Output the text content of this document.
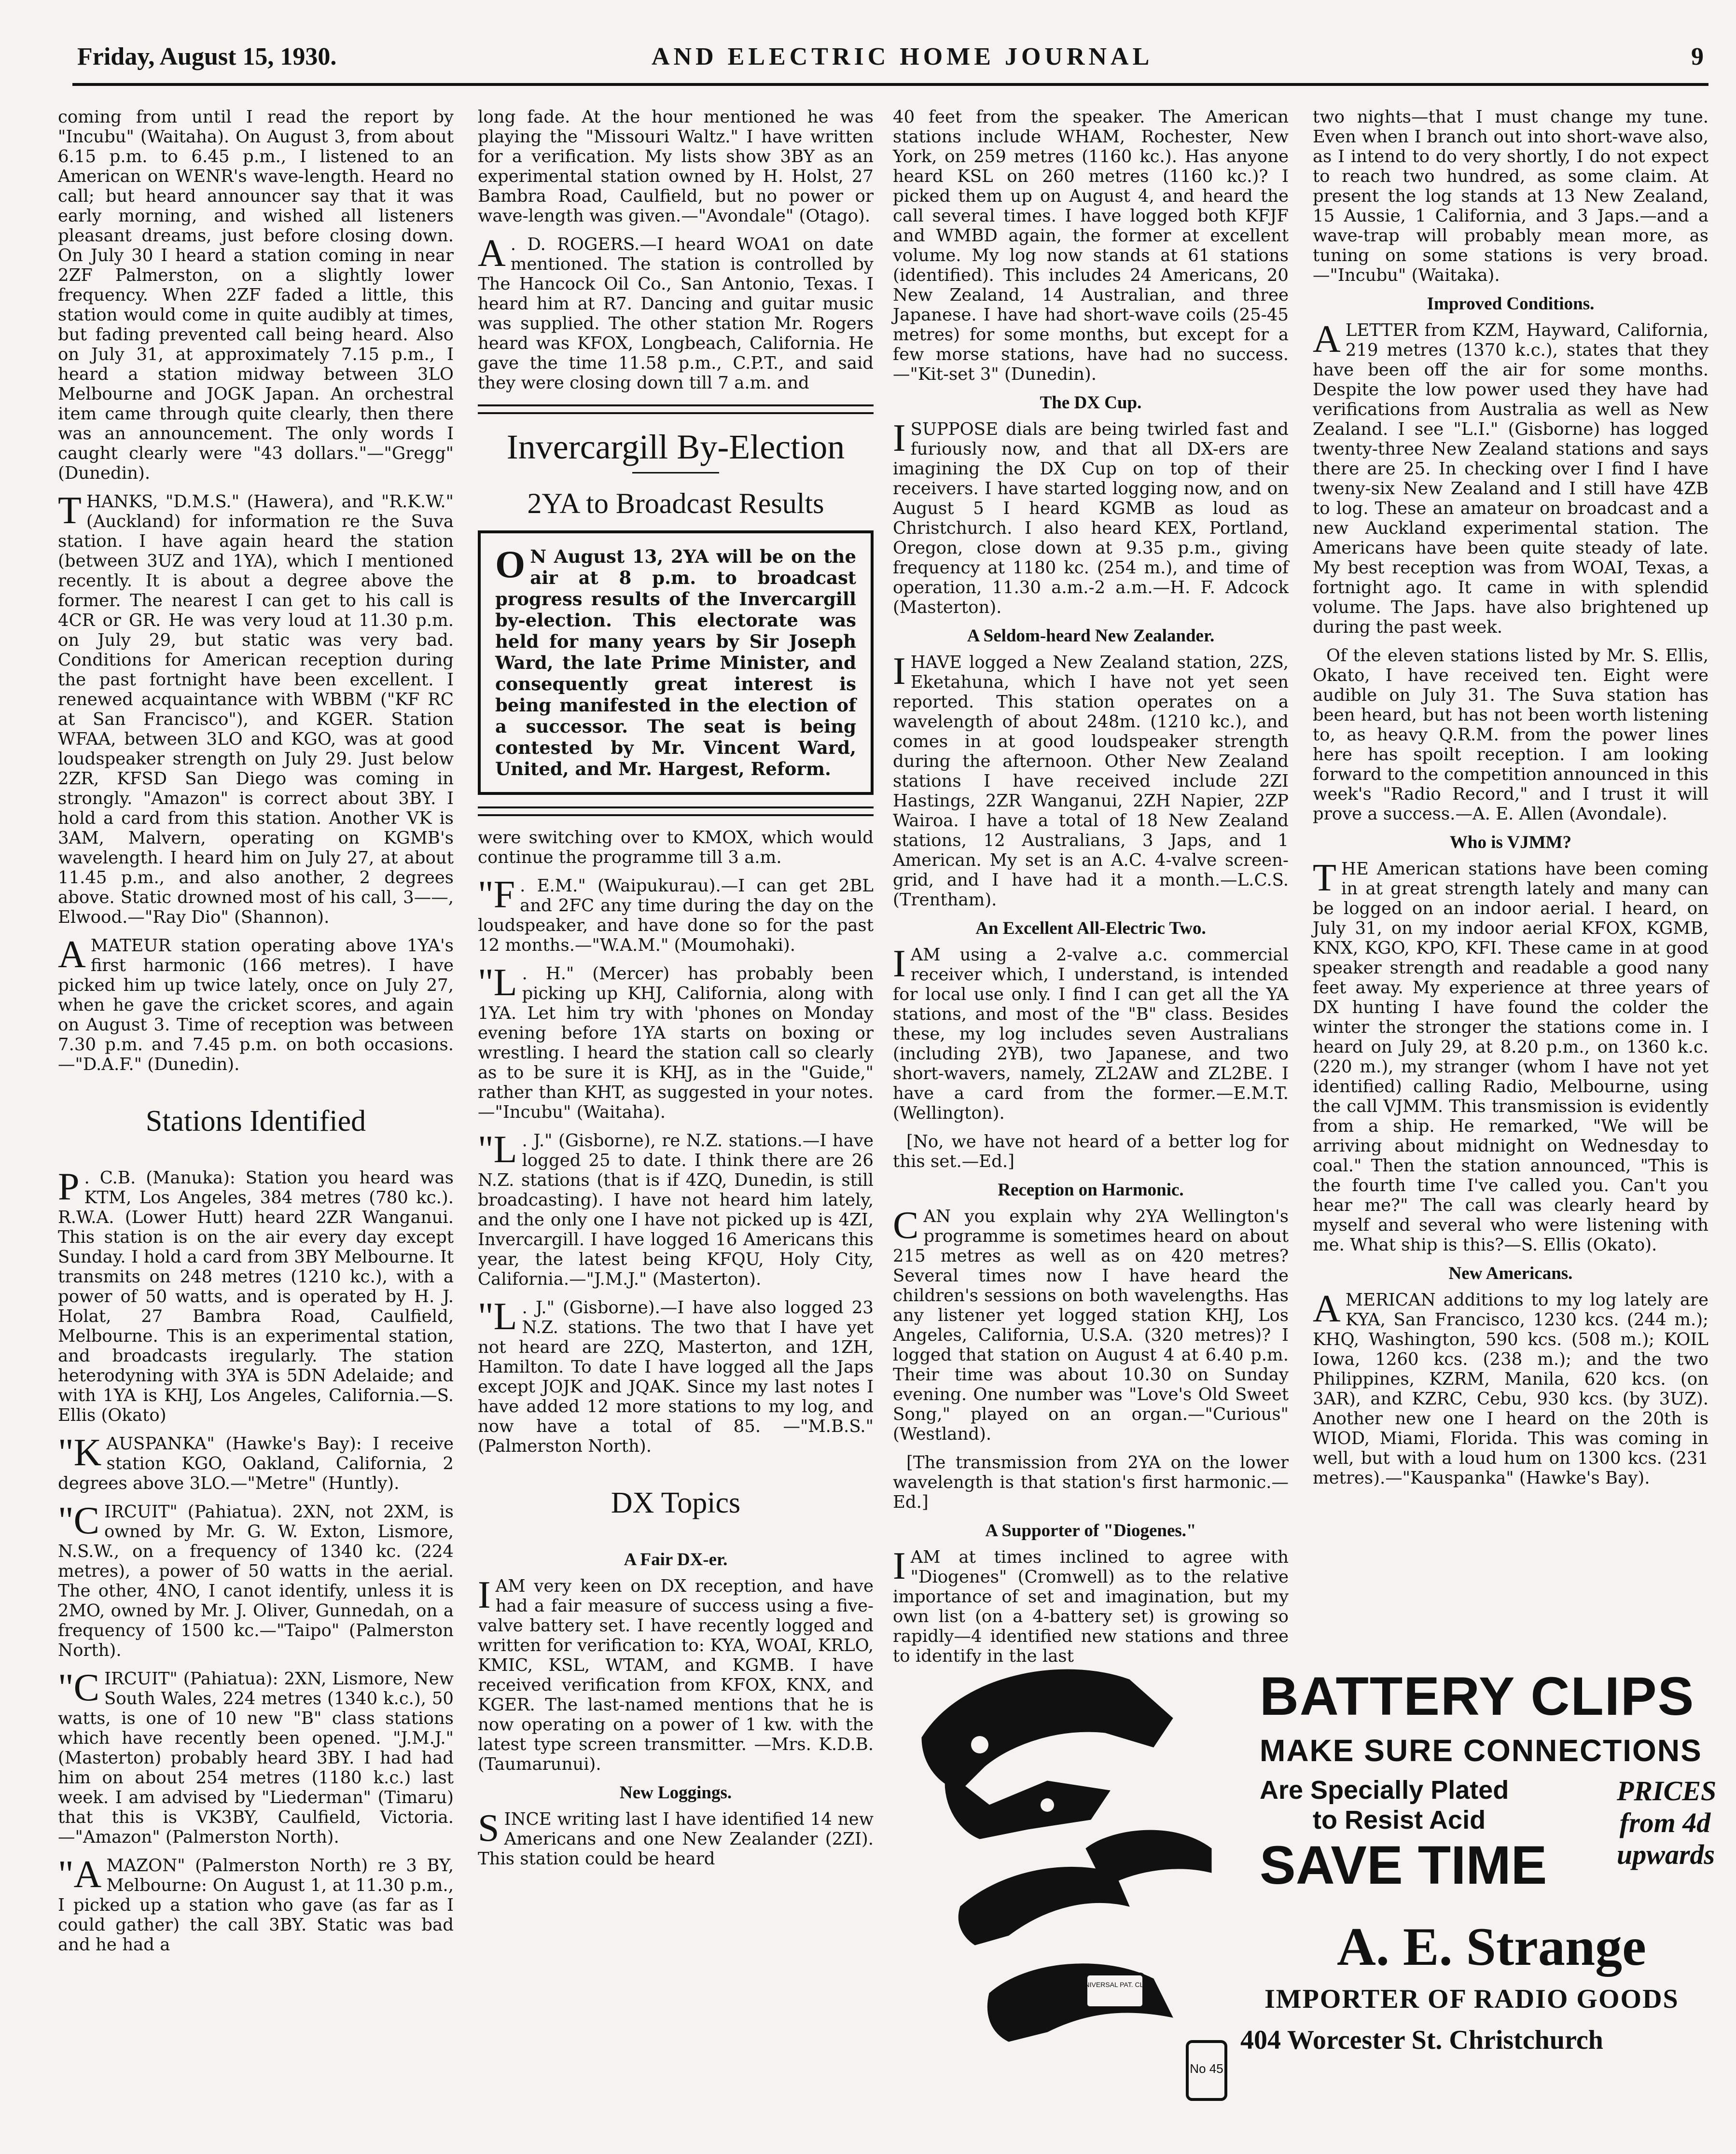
Friday, August 15, 1930.	AND ELECTRIC HOME JOURNAL	9

coming from until I read the report by "Incubu" (Waitaha). On August 3, from about 6.15 p.m. to 6.45 p.m., I listened to an American on WENR's wave-length. Heard no call; but heard announcer say that it was early morning, and wished all listeners pleasant dreams, just before closing down. On July 30 I heard a station coming in near 2ZF Palmerston, on a slightly lower frequency. When 2ZF faded a little, this station would come in quite audibly at times, but fading prevented call being heard. Also on July 31, at approximately 7.15 p.m., I heard a station midway between 3LO Melbourne and JOGK Japan. An orchestral item came through quite clearly, then there was an announcement. The only words I caught clearly were "43 dollars."—"Gregg" (Dunedin).

THANKS, "D.M.S." (Hawera), and "R.K.W." (Auckland) for information re the Suva station. I have again heard the station (between 3UZ and 1YA), which I mentioned recently. It is about a degree above the former. The nearest I can get to his call is 4CR or GR. He was very loud at 11.30 p.m. on July 29, but static was very bad. Conditions for American reception during the past fortnight have been excellent. I renewed acquaintance with WBBM ("KF RC at San Francisco"), and KGER. Station WFAA, between 3LO and KGO, was at good loudspeaker strength on July 29. Just below 2ZR, KFSD San Diego was coming in strongly. "Amazon" is correct about 3BY. I hold a card from this station. Another VK is 3AM, Malvern, operating on KGMB's wavelength. I heard him on July 27, at about 11.45 p.m., and also another, 2 degrees above. Static drowned most of his call, 3——, Elwood.—"Ray Dio" (Shannon).

AMATEUR station operating above 1YA's first harmonic (166 metres). I have picked him up twice lately, once on July 27, when he gave the cricket scores, and again on August 3. Time of reception was between 7.30 p.m. and 7.45 p.m. on both occasions.—"D.A.F." (Dunedin).

Stations Identified

P . C.B. (Manuka): Station you heard was KTM, Los Angeles, 384 metres (780 kc.). R.W.A. (Lower Hutt) heard 2ZR Wanganui. This station is on the air every day except Sunday. I hold a card from 3BY Melbourne. It transmits on 248 metres (1210 kc.), with a power of 50 watts, and is operated by H. J. Holat, 27 Bambra Road, Caulfield, Melbourne. This is an experimental station, and broadcasts iregularly. The station heterodyning with 3YA is 5DN Adelaide; and with 1YA is KHJ, Los Angeles, California.—S. Ellis (Okato)

"KAUSPANKA" (Hawke's Bay): I receive station KGO, Oakland, California, 2 degrees above 3LO.—"Metre" (Huntly).

"CIRCUIT" (Pahiatua). 2XN, not 2XM, is owned by Mr. G. W. Exton, Lismore, N.S.W., on a frequency of 1340 kc. (224 metres), a power of 50 watts in the aerial. The other, 4NO, I canot identify, unless it is 2MO, owned by Mr. J. Oliver, Gunnedah, on a frequency of 1500 kc.—"Taipo" (Palmerston North).

"CIRCUIT" (Pahiatua): 2XN, Lismore, New South Wales, 224 metres (1340 k.c.), 50 watts, is one of 10 new "B" class stations which have recently been opened. "J.M.J." (Masterton) probably heard 3BY. I had had him on about 254 metres (1180 k.c.) last week. I am advised by "Liederman" (Timaru) that this is VK3BY, Caulfield, Victoria. —"Amazon" (Palmerston North).

"AMAZON" (Palmerston North) re 3 BY, Melbourne: On August 1, at 11.30 p.m., I picked up a station who gave (as far as I could gather) the call 3BY. Static was bad and he had a

long fade. At the hour mentioned he was playing the "Missouri Waltz." I have written for a verification. My lists show 3BY as an experimental station owned by H. Holst, 27 Bambra Road, Caulfield, but no power or wave-length was given.—"Avondale" (Otago).

A . D. ROGERS.—I heard WOA1 on date mentioned. The station is controlled by The Hancock Oil Co., San Antonio, Texas. I heard him at R7. Dancing and guitar music was supplied. The other station Mr. Rogers heard was KFOX, Longbeach, California. He gave the time 11.58 p.m., C.P.T., and said they were closing down till 7 a.m. and

Invercargill By-Election
2YA to Broadcast Results
O N August 13, 2YA will be on the air at 8 p.m. to broadcast progress results of the Invercargill by-election. This electorate was held for many years by Sir Joseph Ward, the late Prime Minister, and consequently great interest is being manifested in the election of a successor. The seat is being contested by Mr. Vincent Ward, United, and Mr. Hargest, Reform.

were switching over to KMOX, which would continue the programme till 3 a.m.

"F . E.M." (Waipukurau).—I can get 2BL and 2FC any time during the day on the loudspeaker, and have done so for the past 12 months.—"W.A.M." (Moumohaki).

"L . H." (Mercer) has probably been picking up KHJ, California, along with 1YA. Let him try with 'phones on Monday evening before 1YA starts on boxing or wrestling. I heard the station call so clearly as to be sure it is KHJ, as in the "Guide," rather than KHT, as suggested in your notes.—"Incubu" (Waitaha).

"L . J." (Gisborne), re N.Z. stations.—I have logged 25 to date. I think there are 26 N.Z. stations (that is if 4ZQ, Dunedin, is still broadcasting). I have not heard him lately, and the only one I have not picked up is 4ZI, Invercargill. I have logged 16 Americans this year, the latest being KFQU, Holy City, California.—"J.M.J." (Masterton).

"L . J." (Gisborne).—I have also logged 23 N.Z. stations. The two that I have yet not heard are 2ZQ, Masterton, and 1ZH, Hamilton. To date I have logged all the Japs except JOJK and JQAK. Since my last notes I have added 12 more stations to my log, and now have a total of 85. —"M.B.S." (Palmerston North).

DX Topics
A Fair DX-er.

IAM very keen on DX reception, and have had a fair measure of success using a five-valve battery set. I have recently logged and written for verification to: KYA, WOAI, KRLO, KMIC, KSL, WTAM, and KGMB. I have received verification from KFOX, KNX, and KGER. The last-named mentions that he is now operating on a power of 1 kw. with the latest type screen transmitter. —Mrs. K.D.B. (Taumarunui).

New Loggings.

SINCE writing last I have identified 14 new Americans and one New Zealander (2ZI). This station could be heard

40 feet from the speaker. The American stations include WHAM, Rochester, New York, on 259 metres (1160 kc.). Has anyone heard KSL on 260 metres (1160 kc.)? I picked them up on August 4, and heard the call several times. I have logged both KFJF and WMBD again, the former at excellent volume. My log now stands at 61 stations (identified). This includes 24 Americans, 20 New Zealand, 14 Australian, and three Japanese. I have had short-wave coils (25-45 metres) for some months, but except for a few morse stations, have had no success.—"Kit-set 3" (Dunedin).

The DX Cup.

ISUPPOSE dials are being twirled fast and furiously now, and that all DX-ers are imagining the DX Cup on top of their receivers. I have started logging now, and on August 5 I heard KGMB as loud as Christchurch. I also heard KEX, Portland, Oregon, close down at 9.35 p.m., giving frequency at 1180 kc. (254 m.), and time of operation, 11.30 a.m.-2 a.m.—H. F. Adcock (Masterton).

A Seldom-heard New Zealander.

IHAVE logged a New Zealand station, 2ZS, Eketahuna, which I have not yet seen reported. This station operates on a wavelength of about 248m. (1210 kc.), and comes in at good loudspeaker strength during the afternoon. Other New Zealand stations I have received include 2ZI Hastings, 2ZR Wanganui, 2ZH Napier, 2ZP Wairoa. I have a total of 18 New Zealand stations, 12 Australians, 3 Japs, and 1 American. My set is an A.C. 4-valve screen-grid, and I have had it a month.—L.C.S. (Trentham).

An Excellent All-Electric Two.

IAM using a 2-valve a.c. commercial receiver which, I understand, is intended for local use only. I find I can get all the YA stations, and most of the "B" class. Besides these, my log includes seven Australians (including 2YB), two Japanese, and two short-wavers, namely, ZL2AW and ZL2BE. I have a card from the former.—E.M.T. (Wellington).

[No, we have not heard of a better log for this set.—Ed.]

Reception on Harmonic.

CAN you explain why 2YA Wellington's programme is sometimes heard on about 215 metres as well as on 420 metres? Several times now I have heard the children's sessions on both wavelengths. Has any listener yet logged station KHJ, Los Angeles, California, U.S.A. (320 metres)? I logged that station on August 4 at 6.40 p.m. Their time was about 10.30 on Sunday evening. One number was "Love's Old Sweet Song," played on an organ.—"Curious" (Westland).

[The transmission from 2YA on the lower wavelength is that station's first harmonic.—Ed.]

A Supporter of "Diogenes."

IAM at times inclined to agree with "Diogenes" (Cromwell) as to the relative importance of set and imagination, but my own list (on a 4-battery set) is growing so rapidly—4 identified new stations and three to identify in the last

two nights—that I must change my tune. Even when I branch out into short-wave also, as I intend to do very shortly, I do not expect to reach two hundred, as some claim. At present the log stands at 13 New Zealand, 15 Aussie, 1 California, and 3 Japs.—and a wave-trap will probably mean more, as tuning on some stations is very broad.—"Incubu" (Waitaka).

Improved Conditions.

ALETTER from KZM, Hayward, California, 219 metres (1370 k.c.), states that they have been off the air for some months. Despite the low power used they have had verifications from Australia as well as New Zealand. I see "L.I." (Gisborne) has logged twenty-three New Zealand stations and says there are 25. In checking over I find I have tweny-six New Zealand and I still have 4ZB to log. These an amateur on broadcast and a new Auckland experimental station. The Americans have been quite steady of late. My best reception was from WOAI, Texas, a fortnight ago. It came in with splendid volume. The Japs. have also brightened up during the past week.

Of the eleven stations listed by Mr. S. Ellis, Okato, I have received ten. Eight were audible on July 31. The Suva station has been heard, but has not been worth listening to, as heavy Q.R.M. from the power lines here has spoilt reception. I am looking forward to the competition announced in this week's "Radio Record," and I trust it will prove a success.—A. E. Allen (Avondale).

Who is VJMM?

THE American stations have been coming in at great strength lately and many can be logged on an indoor aerial. I heard, on July 31, on my indoor aerial KFOX, KGMB, KNX, KGO, KPO, KFI. These came in at good speaker strength and readable a good nany feet away. My experience at three years of DX hunting I have found the colder the winter the stronger the stations come in. I heard on July 29, at 8.20 p.m., on 1360 k.c. (220 m.), my stranger (whom I have not yet identified) calling Radio, Melbourne, using the call VJMM. This transmission is evidently from a ship. He remarked, "We will be arriving about midnight on Wednesday to coal." Then the station announced, "This is the fourth time I've called you. Can't you hear me?" The call was clearly heard by myself and several who were listening with me. What ship is this?—S. Ellis (Okato).

New Americans.

AMERICAN additions to my log lately are KYA, San Francisco, 1230 kcs. (244 m.); KHQ, Washington, 590 kcs. (508 m.); KOIL Iowa, 1260 kcs. (238 m.); and the two Philippines, KZRM, Manila, 620 kcs. (on 3AR), and KZRC, Cebu, 930 kcs. (by 3UZ). Another new one I heard on the 20th is WIOD, Miami, Florida. This was coming in well, but with a loud hum on 1300 kcs. (231 metres).—"Kauspanka" (Hawke's Bay).

UNIVERSAL PAT. CLIP
No 45
BATTERY CLIPS
MAKE SURE CONNECTIONS
Are Specially Plated
to Resist Acid
SAVE TIME
PRICES from 4d upwards
A. E. Strange
IMPORTER OF RADIO GOODS
404 Worcester St. Christchurch
